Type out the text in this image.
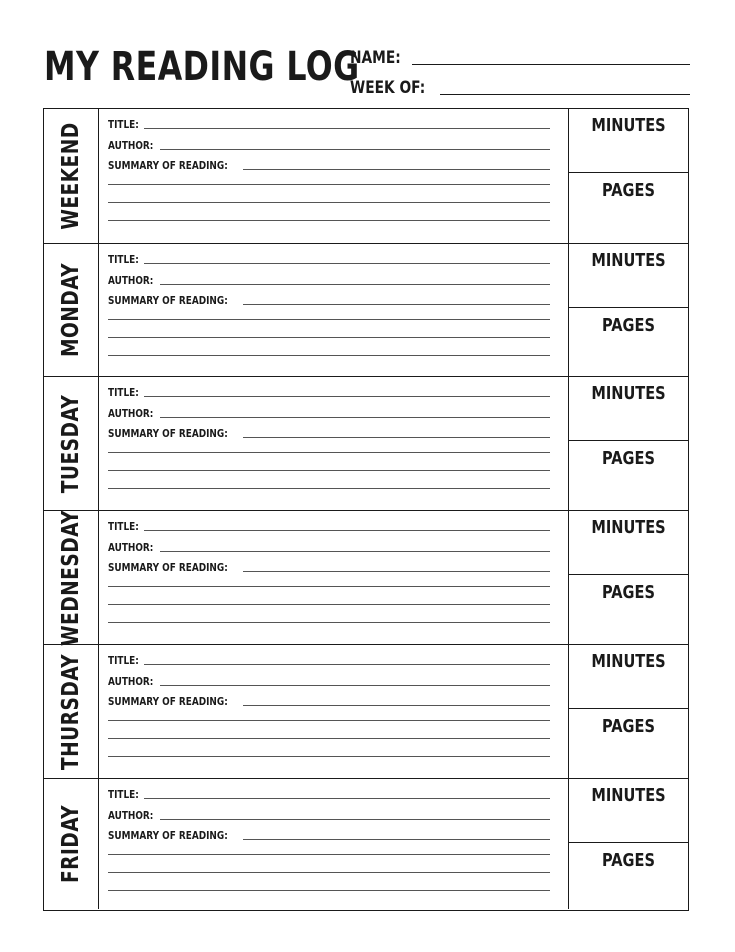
MY READING LOG
NAME:
WEEK OF:
WEEKEND TITLE:
AUTHOR:
SUMMARY OF READING:
MINUTES
PAGES
MONDAY
TITLE:
AUTHOR:
SUMMARY OF READING:
MINUTES
PAGES
TUESDAY
TITLE:
AUTHOR:
SUMMARY OF READING:
MINUTES
PAGES
WEDNESDAY TITLE:
AUTHOR:
SUMMARY OF READING:
MINUTES
PAGES
THURSDAY TITLE:
AUTHOR:
SUMMARY OF READING:
MINUTES
PAGES
FRIDAY
TITLE:
AUTHOR:
SUMMARY OF READING:
MINUTES
PAGES
